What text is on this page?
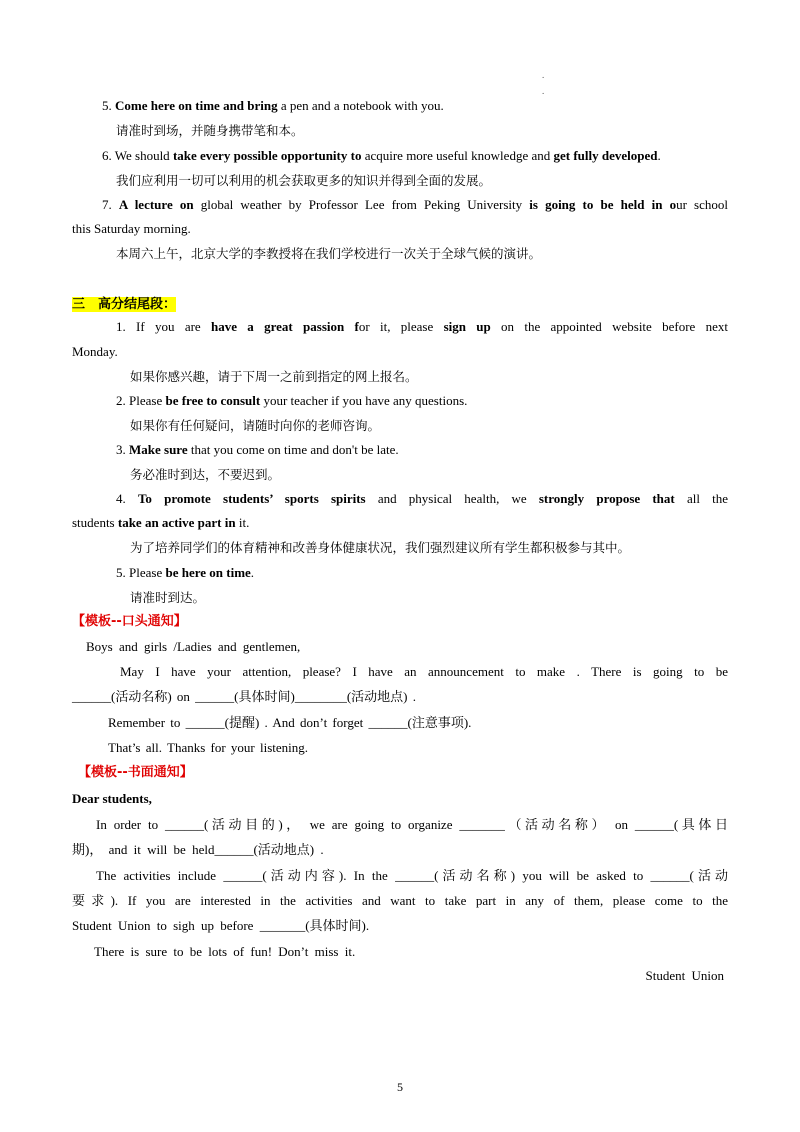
.
.
5. Come here on time and bring a pen and a notebook with you.
请准时到场，并随身携带笔和本。
6. We should take every possible opportunity to acquire more useful knowledge and get fully developed.
我们应利用一切可以利用的机会获取更多的知识并得到全面的发展。
7. A lecture on global weather by Professor Lee from Peking University is going to be held in our school
this Saturday morning.
本周六上午，北京大学的李教授将在我们学校进行一次关于全球气候的演讲。
三　高分结尾段：
1. If you are have a great passion for it, please sign up on the appointed website before next
Monday.
如果你感兴趣，请于下周一之前到指定的网上报名。
2. Please be free to consult your teacher if you have any questions.
如果你有任何疑问，请随时向你的老师咨询。
3. Make sure that you come on time and don't be late.
务必准时到达，不要迟到。
4. To promote students’ sports spirits and physical health, we strongly propose that all the
students take an active part in it.
为了培养同学们的体育精神和改善身体健康状况，我们强烈建议所有学生都积极参与其中。
5. Please be here on time.
请准时到达。
【模板--口头通知】
Boys and girls /Ladies and gentlemen,
May I have your attention, please? I have an announcement to make . There is going to be
______(活动名称) on ______(具体时间)________(活动地点) .
Remember to ______(提醒) . And don’t forget ______(注意事项).
That’s all. Thanks for your listening.
【模板--书面通知】
Dear students,
In order to ______(活动目的)， we are going to organize _______（活动名称） on ______(具体日
期)， and it will be held______(活动地点) .
The activities include ______(活动内容). In the ______(活动名称) you will be asked to ______(活动
要求). If you are interested in the activities and want to take part in any of them, please come to the
Student Union to sigh up before _______(具体时间).
There is sure to be lots of fun! Don’t miss it.
Student Union
5
